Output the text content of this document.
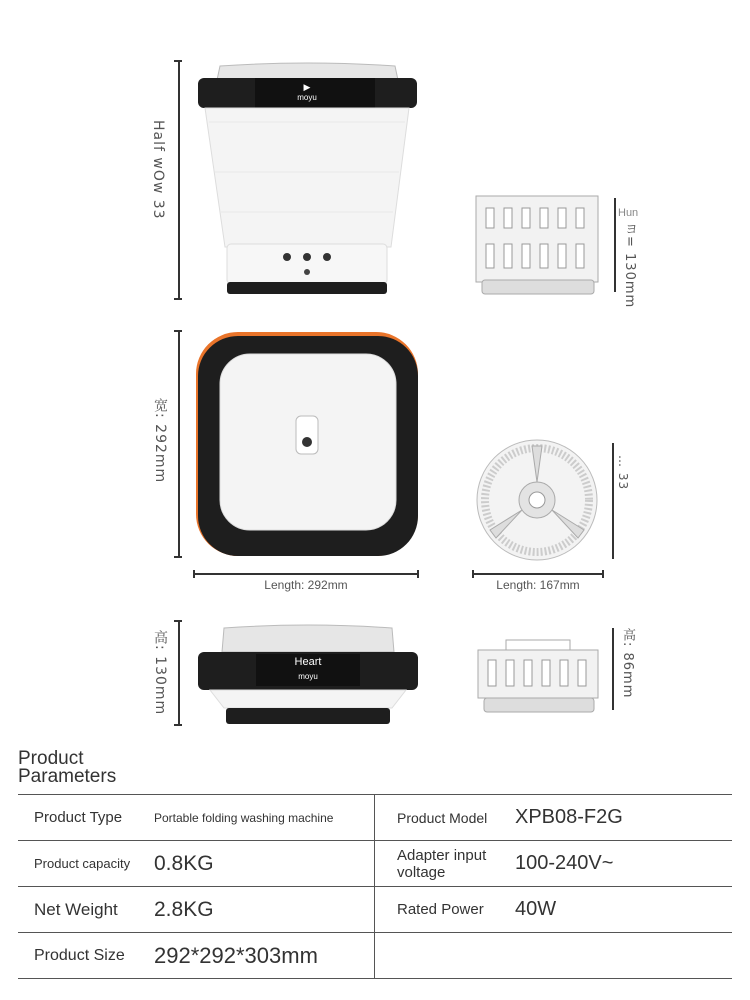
Half wOw 33
▶
moyu
Hun
ヨ= 130mm
宽: 292mm	… 33
Length: 292mm	Length: 167mm
高: 130mm	Heart
moyu	高: 86mm
Product Parameters
Product Type	Portable folding washing machine	Product Model	XPB08-F2G
Product capacity	0.8KG	Adapter input voltage	100-240V~
Net Weight	2.8KG	Rated Power	40W
Product Size	292*292*303mm		
